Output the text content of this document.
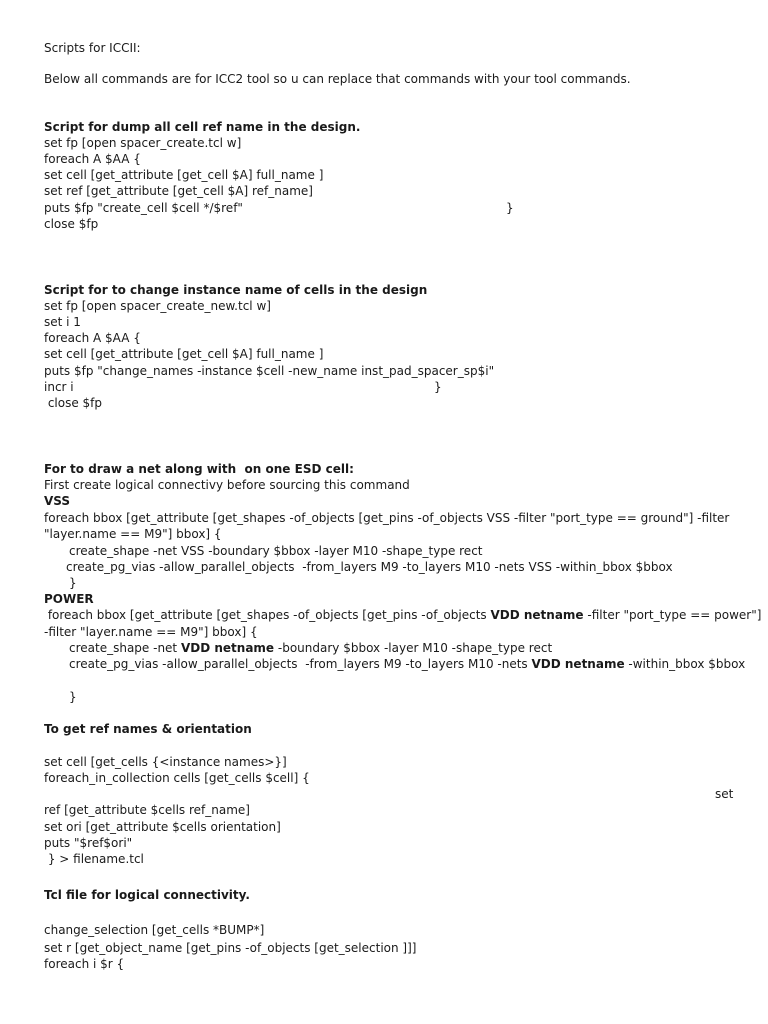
Scripts for ICCII:
Below all commands are for ICC2 tool so u can replace that commands with your tool commands.
Script for dump all cell ref name in the design.
set fp [open spacer_create.tcl w]
foreach A $AA {
set cell [get_attribute [get_cell $A] full_name ]
set ref [get_attribute [get_cell $A] ref_name]
puts $fp "create_cell $cell */$ref"	}
close $fp
Script for to change instance name of cells in the design
set fp [open spacer_create_new.tcl w]
set i 1
foreach A $AA {
set cell [get_attribute [get_cell $A] full_name ]
puts $fp "change_names -instance $cell -new_name inst_pad_spacer_sp$i"
incr i	}
close $fp
For to draw a net along with  on one ESD cell:
First create logical connectivy before sourcing this command
VSS
foreach bbox [get_attribute [get_shapes -of_objects [get_pins -of_objects VSS -filter "port_type == ground"] -filter
"layer.name == M9"] bbox] {
create_shape -net VSS -boundary $bbox -layer M10 -shape_type rect
create_pg_vias -allow_parallel_objects  -from_layers M9 -to_layers M10 -nets VSS -within_bbox $bbox
}
POWER
foreach bbox [get_attribute [get_shapes -of_objects [get_pins -of_objects VDD netname -filter "port_type == power"]
-filter "layer.name == M9"] bbox] {
create_shape -net VDD netname -boundary $bbox -layer M10 -shape_type rect
create_pg_vias -allow_parallel_objects  -from_layers M9 -to_layers M10 -nets VDD netname -within_bbox $bbox
}
To get ref names & orientation
set cell [get_cells {<instance names>}]
foreach_in_collection cells [get_cells $cell] {
set
ref [get_attribute $cells ref_name]
set ori [get_attribute $cells orientation]
puts "$ref$ori"
} > filename.tcl
Tcl file for logical connectivity.
change_selection [get_cells *BUMP*]
set r [get_object_name [get_pins -of_objects [get_selection ]]]
foreach i $r {
